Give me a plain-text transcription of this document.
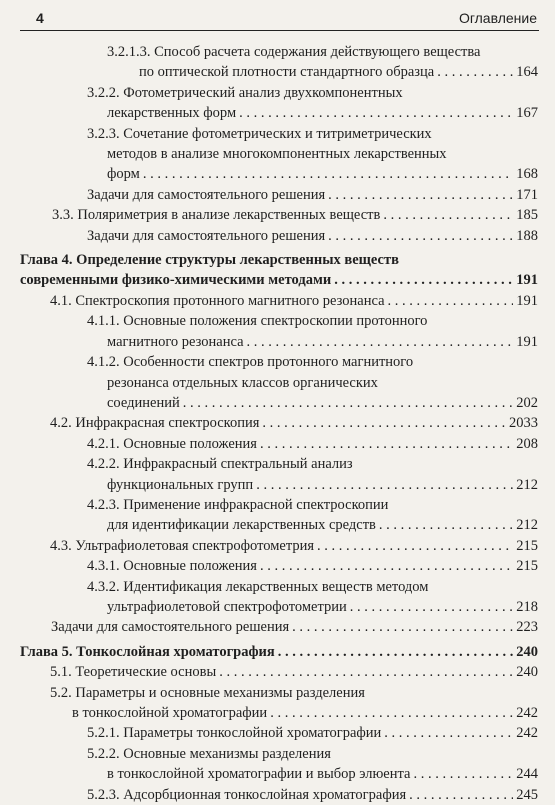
4	Оглавление
3.2.1.3. Способ расчета содержания действующего вещества
по оптической плотности стандартного образца . . .	164
3.2.2. Фотометрический анализ двухкомпонентных
лекарственных форм . . .	167
3.2.3. Сочетание фотометрических и титриметрических
методов в анализе многокомпонентных лекарственных
форм . . .	168
Задачи для самостоятельного решения . . .	171
3.3. Поляриметрия в анализе лекарственных веществ . . .	185
Задачи для самостоятельного решения . . .	188
Глава 4. Определение структуры лекарственных веществ
современными физико-химическими методами . . .	191
4.1. Спектроскопия протонного магнитного резонанса . . .	191
4.1.1. Основные положения спектроскопии протонного
магнитного резонанса . . .	191
4.1.2. Особенности спектров протонного магнитного
резонанса отдельных классов органических
соединений . . .	202
4.2. Инфракрасная спектроскопия . . .	2033
4.2.1. Основные положения . . .	208
4.2.2. Инфракрасный спектральный анализ
функциональных групп . . .	212
4.2.3. Применение инфракрасной спектроскопии
для идентификации лекарственных средств . . .	212
4.3. Ультрафиолетовая спектрофотометрия . . .	215
4.3.1. Основные положения . . .	215
4.3.2. Идентификация лекарственных веществ методом
ультрафиолетовой спектрофотометрии . . .	218
Задачи для самостоятельного решения . . .	223
Глава 5. Тонкослойная хроматография . . .	240
5.1. Теоретические основы . . .	240
5.2. Параметры и основные механизмы разделения
в тонкослойной хроматографии . . .	242
5.2.1. Параметры тонкослойной хроматографии . . .	242
5.2.2. Основные механизмы разделения
в тонкослойной хроматографии и выбор элюента . . .	244
5.2.3. Адсорбционная тонкослойная хроматография . . .	245
